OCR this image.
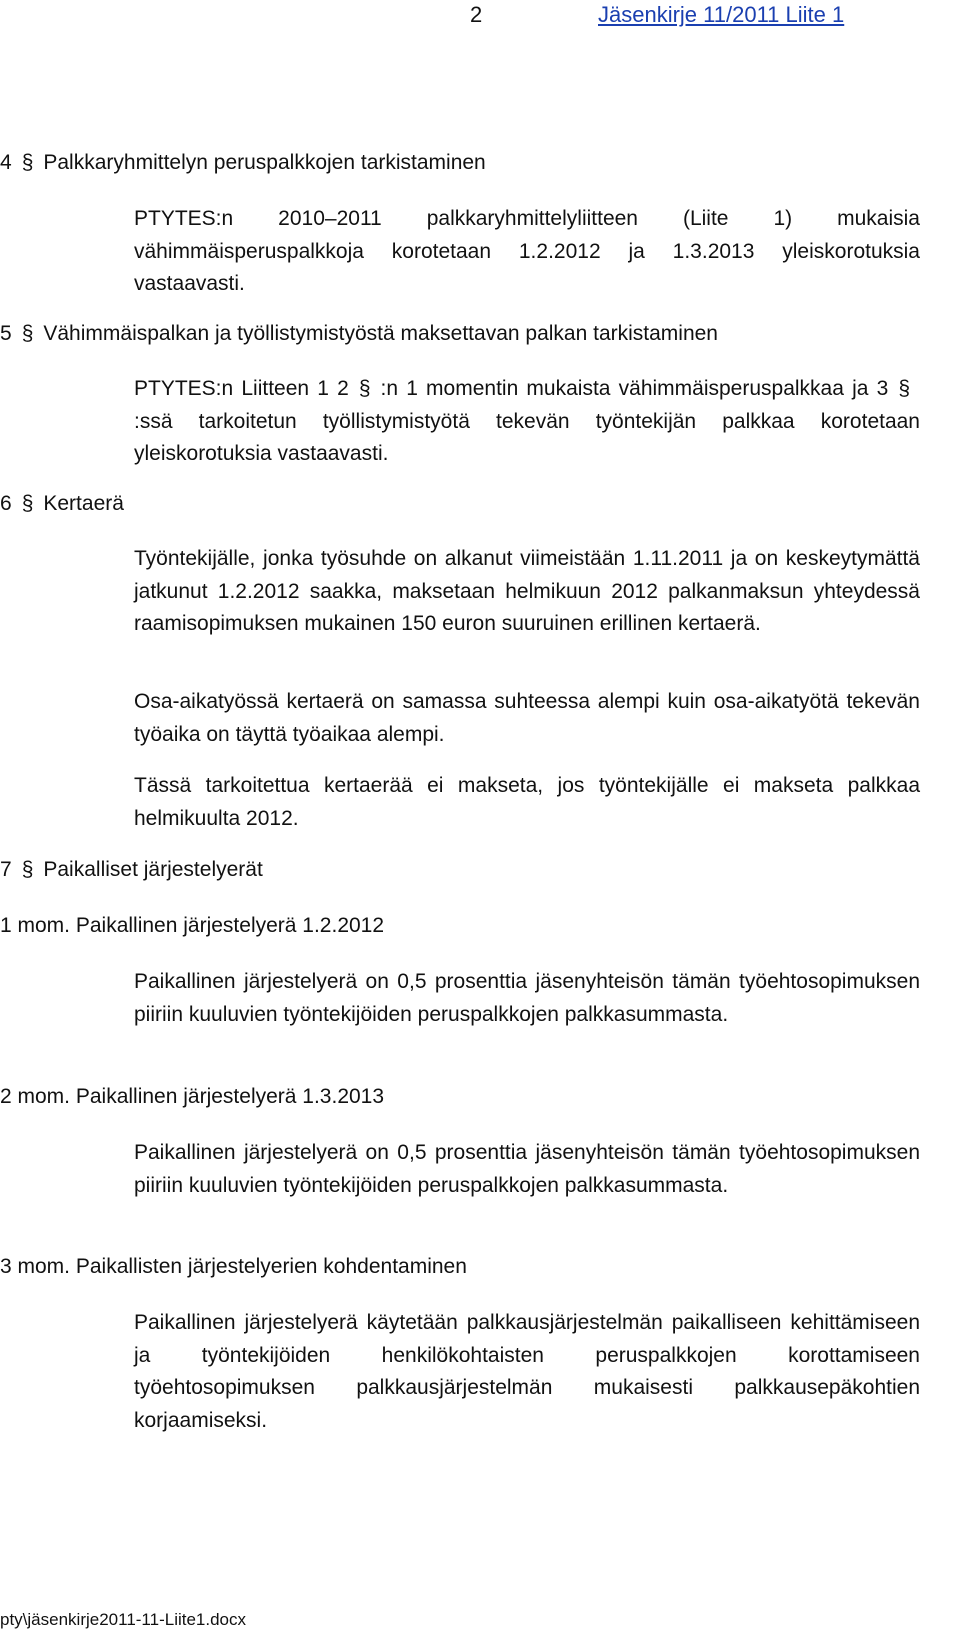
2	Jäsenkirje 11/2011 Liite 1
4 § Palkkaryhmittelyn peruspalkkojen tarkistaminen

PTYTES:n 2010–2011 palkkaryhmittelyliitteen (Liite 1) mukaisia vähimmäisperuspalkkoja korotetaan 1.2.2012 ja 1.3.2013 yleiskorotuksia vastaavasti.

5 § Vähimmäispalkan ja työllistymistyöstä maksettavan palkan tarkistaminen

PTYTES:n Liitteen 1 2 § :n 1 momentin mukaista vähimmäisperuspalkkaa ja 3 §:ssä tarkoitetun työllistymistyötä tekevän työntekijän palkkaa korotetaan yleiskorotuksia vastaavasti.

6 § Kertaerä

Työntekijälle, jonka työsuhde on alkanut viimeistään 1.11.2011 ja on keskeytymättä jatkunut 1.2.2012 saakka, maksetaan helmikuun 2012 palkanmaksun yhteydessä raamisopimuksen mukainen 150 euron suuruinen erillinen kertaerä.

Osa-aikatyössä kertaerä on samassa suhteessa alempi kuin osa-aikatyötä tekevän työaika on täyttä työaikaa alempi.

Tässä tarkoitettua kertaerää ei makseta, jos työntekijälle ei makseta palkkaa helmikuulta 2012.

7 § Paikalliset järjestelyerät
1 mom. Paikallinen järjestelyerä 1.2.2012

Paikallinen järjestelyerä on 0,5 prosenttia jäsenyhteisön tämän työehtosopimuksen piiriin kuuluvien työntekijöiden peruspalkkojen palkkasummasta.

2 mom. Paikallinen järjestelyerä 1.3.2013

Paikallinen järjestelyerä on 0,5 prosenttia jäsenyhteisön tämän työehtosopimuksen piiriin kuuluvien työntekijöiden peruspalkkojen palkkasummasta.

3 mom. Paikallisten järjestelyerien kohdentaminen

Paikallinen järjestelyerä käytetään palkkausjärjestelmän paikalliseen kehittämiseen ja työntekijöiden henkilökohtaisten peruspalkkojen korottamiseen työehtosopimuksen palkkausjärjestelmän mukaisesti palkkausepäkohtien korjaamiseksi.

pty\jäsenkirje2011-11-Liite1.docx
